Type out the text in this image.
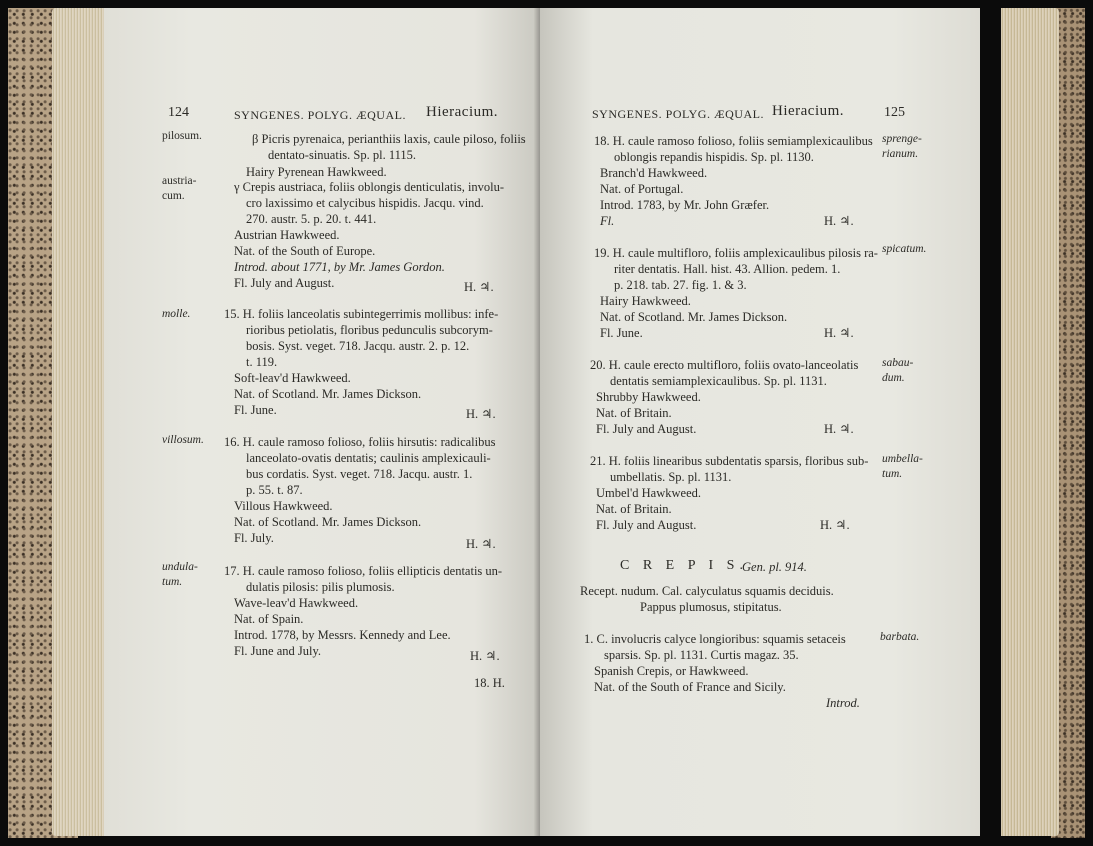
124	SYNGENES. POLYG. ÆQUAL. Hieracium.
pilosum.	β Picris pyrenaica, perianthiis laxis, caule piloso, foliis
dentato-sinuatis. Sp. pl. 1115.
Hairy Pyrenean Hawkweed.
austria-
cum.
γ Crepis austriaca, foliis oblongis denticulatis, involu-
cro laxissimo et calycibus hispidis. Jacqu. vind.
270. austr. 5. p. 20. t. 441.
Austrian Hawkweed.
Nat. of the South of Europe.
Introd. about 1771, by Mr. James Gordon.
Fl. July and August.	H. ♃.
molle.	15. H. foliis lanceolatis subintegerrimis mollibus: infe-
rioribus petiolatis, floribus pedunculis subcorym-
bosis. Syst. veget. 718. Jacqu. austr. 2. p. 12.
t. 119.
Soft-leav'd Hawkweed.
Nat. of Scotland. Mr. James Dickson.
Fl. June.	H. ♃.
villosum. 16. H. caule ramoso folioso, foliis hirsutis: radicalibus
lanceolato-ovatis dentatis; caulinis amplexicauli-
bus cordatis. Syst. veget. 718. Jacqu. austr. 1.
p. 55. t. 87.
Villous Hawkweed.
Nat. of Scotland. Mr. James Dickson.
Fl. July.	H. ♃.
undula-
tum.
17. H. caule ramoso folioso, foliis ellipticis dentatis un-
dulatis pilosis: pilis plumosis.
Wave-leav'd Hawkweed.
Nat. of Spain.
Introd. 1778, by Messrs. Kennedy and Lee.
Fl. June and July.	H. ♃.
18. H.
SYNGENES. POLYG. ÆQUAL. Hieracium.	125
sprenge-
rianum.
18. H. caule ramoso folioso, foliis semiamplexicaulibus
oblongis repandis hispidis. Sp. pl. 1130.
Branch'd Hawkweed.
Nat. of Portugal.
Introd. 1783, by Mr. John Græfer.
Fl.	H. ♃.
spicatum.
19. H. caule multifloro, foliis amplexicaulibus pilosis ra-
riter dentatis. Hall. hist. 43. Allion. pedem. 1.
p. 218. tab. 27. fig. 1. & 3.
Hairy Hawkweed.
Nat. of Scotland. Mr. James Dickson.
Fl. June.	H. ♃.
sabau-
dum.
20. H. caule erecto multifloro, foliis ovato-lanceolatis
dentatis semiamplexicaulibus. Sp. pl. 1131.
Shrubby Hawkweed.
Nat. of Britain.
Fl. July and August.	H. ♃.
umbella-
tum.
21. H. foliis linearibus subdentatis sparsis, floribus sub-
umbellatis. Sp. pl. 1131.
Umbel'd Hawkweed.
Nat. of Britain.
Fl. July and August.	H. ♃.
C R E P I S.
Gen. pl. 914.
Recept. nudum. Cal. calyculatus squamis deciduis.
Pappus plumosus, stipitatus.
barbata.
1. C. involucris calyce longioribus: squamis setaceis
sparsis. Sp. pl. 1131. Curtis magaz. 35.
Spanish Crepis, or Hawkweed.
Nat. of the South of France and Sicily.
Introd.
